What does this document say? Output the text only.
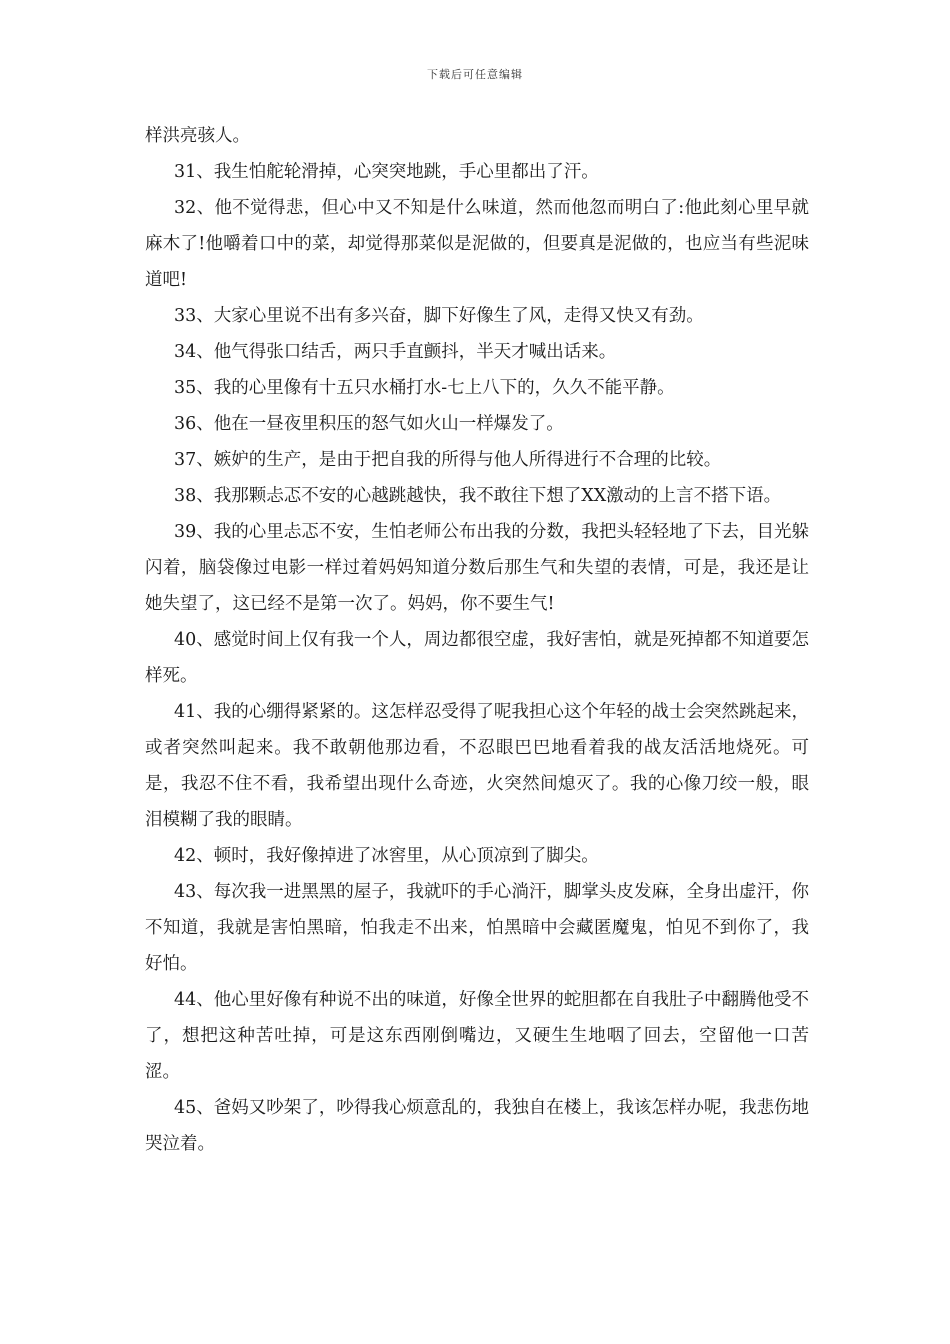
下载后可任意编辑

样洪亮骇人。

31、我生怕舵轮滑掉，心突突地跳，手心里都出了汗。

32、他不觉得悲，但心中又不知是什么味道，然而他忽而明白了:他此刻心里早就麻木了!他嚼着口中的菜，却觉得那菜似是泥做的，但要真是泥做的，也应当有些泥味道吧!

33、大家心里说不出有多兴奋，脚下好像生了风，走得又快又有劲。

34、他气得张口结舌，两只手直颤抖，半天才喊出话来。

35、我的心里像有十五只水桶打水-七上八下的，久久不能平静。

36、他在一昼夜里积压的怒气如火山一样爆发了。

37、嫉妒的生产，是由于把自我的所得与他人所得进行不合理的比较。

38、我那颗忐忑不安的心越跳越快，我不敢往下想了XX激动的上言不搭下语。

39、我的心里忐忑不安，生怕老师公布出我的分数，我把头轻轻地了下去，目光躲闪着，脑袋像过电影一样过着妈妈知道分数后那生气和失望的表情，可是，我还是让她失望了，这已经不是第一次了。妈妈，你不要生气!

40、感觉时间上仅有我一个人，周边都很空虚，我好害怕，就是死掉都不知道要怎样死。

41、我的心绷得紧紧的。这怎样忍受得了呢我担心这个年轻的战士会突然跳起来，或者突然叫起来。我不敢朝他那边看，不忍眼巴巴地看着我的战友活活地烧死。可是，我忍不住不看，我希望出现什么奇迹，火突然间熄灭了。我的心像刀绞一般，眼泪模糊了我的眼睛。

42、顿时，我好像掉进了冰窖里，从心顶凉到了脚尖。

43、每次我一进黑黑的屋子，我就吓的手心淌汗，脚掌头皮发麻，全身出虚汗，你不知道，我就是害怕黑暗，怕我走不出来，怕黑暗中会藏匿魔鬼，怕见不到你了，我好怕。

44、他心里好像有种说不出的味道，好像全世界的蛇胆都在自我肚子中翻腾他受不了，想把这种苦吐掉，可是这东西刚倒嘴边，又硬生生地咽了回去，空留他一口苦涩。

45、爸妈又吵架了，吵得我心烦意乱的，我独自在楼上，我该怎样办呢，我悲伤地哭泣着。
